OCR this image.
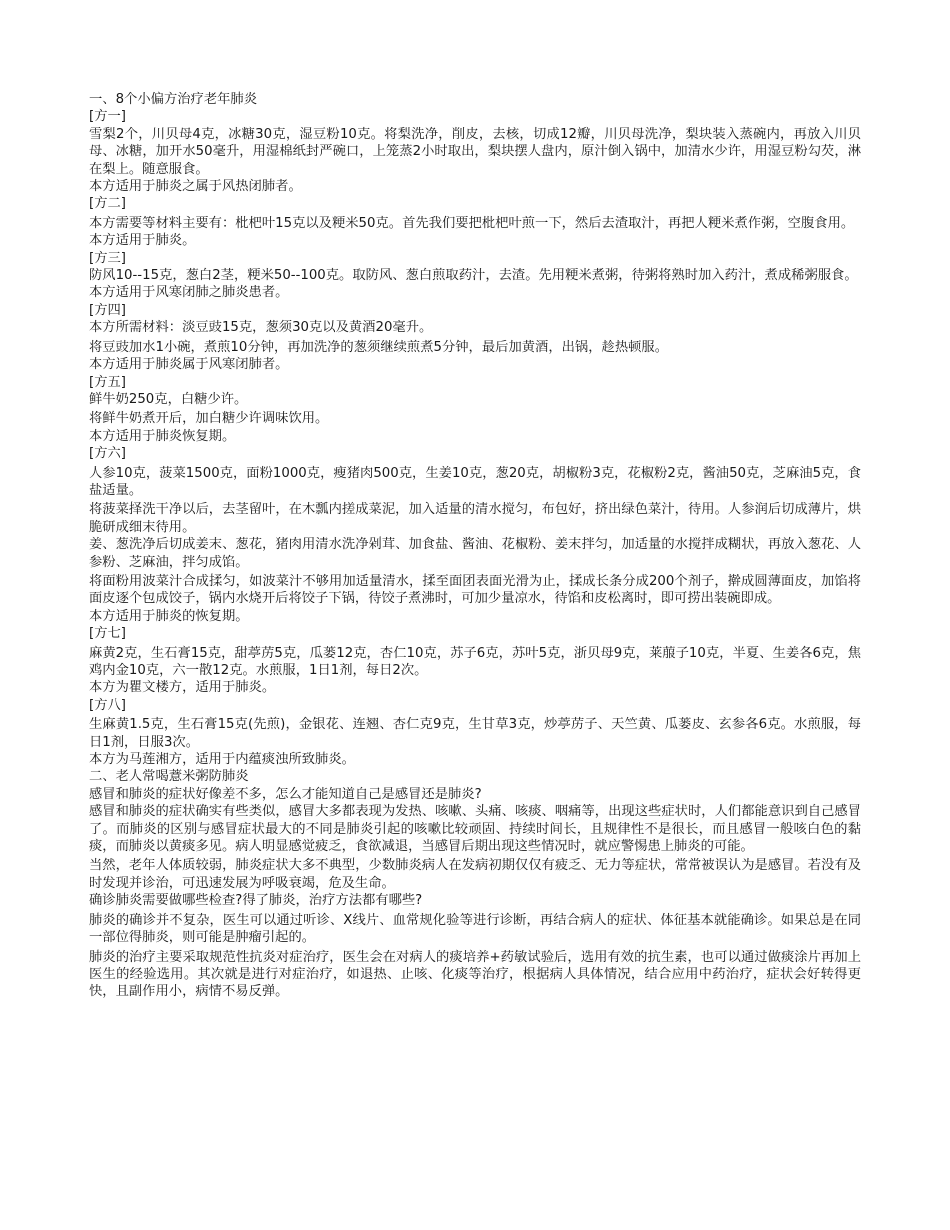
一、8个小偏方治疗老年肺炎

[方一]

雪梨2个，川贝母4克，冰糖30克，湿豆粉10克。将梨洗净，削皮，去核，切成12瓣，川贝母洗净，梨块装入蒸碗内，再放入川贝母、冰糖，加开水50毫升，用湿棉纸封严碗口，上笼蒸2小时取出，梨块摆人盘内，原汁倒入锅中，加清水少许，用湿豆粉勾芡，淋在梨上。随意服食。

本方适用于肺炎之属于风热闭肺者。

[方二]

本方需要等材料主要有：枇杷叶15克以及粳米50克。首先我们要把枇杷叶煎一下，然后去渣取汁，再把人粳米煮作粥，空腹食用。

本方适用于肺炎。

[方三]

防风10--15克，葱白2茎，粳米50--100克。取防风、葱白煎取药汁，去渣。先用粳米煮粥，待粥将熟时加入药汁，煮成稀粥服食。

本方适用于风寒闭肺之肺炎患者。

[方四]

本方所需材料：淡豆豉15克，葱须30克以及黄酒20毫升。

将豆豉加水1小碗，煮煎10分钟，再加洗净的葱须继续煎煮5分钟，最后加黄酒，出锅，趁热顿服。

本方适用于肺炎属于风寒闭肺者。

[方五]

鲜牛奶250克，白糖少许。

将鲜牛奶煮开后，加白糖少许调味饮用。

本方适用于肺炎恢复期。

[方六]

人参10克，菠菜1500克，面粉1000克，瘦猪肉500克，生姜10克，葱20克，胡椒粉3克，花椒粉2克，酱油50克，芝麻油5克，食盐适量。

将菠菜择洗干净以后，去茎留叶，在木瓢内搓成菜泥，加入适量的清水搅匀，布包好，挤出绿色菜汁，待用。人参润后切成薄片，烘脆研成细末待用。

姜、葱洗净后切成姜末、葱花，猪肉用清水洗净剁茸、加食盐、酱油、花椒粉、姜末拌匀，加适量的水搅拌成糊状，再放入葱花、人参粉、芝麻油，拌匀成馅。

将面粉用波菜汁合成揉匀，如波菜汁不够用加适量清水，揉至面团表面光滑为止，揉成长条分成200个剂子，擀成圆薄面皮，加馅将面皮逐个包成饺子，锅内水烧开后将饺子下锅，待饺子煮沸时，可加少量凉水，待馅和皮松离时，即可捞出装碗即成。

本方适用于肺炎的恢复期。

[方七]

麻黄2克，生石膏15克，甜葶苈5克，瓜蒌12克，杏仁10克，苏子6克，苏叶5克，浙贝母9克，莱菔子10克，半夏、生姜各6克，焦鸡内金10克，六一散12克。水煎服，1日1剂，每日2次。

本方为瞿文楼方，适用于肺炎。

[方八]

生麻黄1.5克，生石膏15克(先煎)，金银花、连翘、杏仁克9克，生甘草3克，炒葶苈子、天竺黄、瓜蒌皮、玄参各6克。水煎服，每日1剂，日服3次。

本方为马莲湘方，适用于内蕴痰浊所致肺炎。

二、老人常喝薏米粥防肺炎

感冒和肺炎的症状好像差不多，怎么才能知道自己是感冒还是肺炎?

感冒和肺炎的症状确实有些类似，感冒大多都表现为发热、咳嗽、头痛、咳痰、咽痛等，出现这些症状时，人们都能意识到自己感冒了。而肺炎的区别与感冒症状最大的不同是肺炎引起的咳嗽比较顽固、持续时间长，且规律性不是很长，而且感冒一般咳白色的黏痰，而肺炎以黄痰多见。病人明显感觉疲乏，食欲减退，当感冒后期出现这些情况时，就应警惕患上肺炎的可能。

当然，老年人体质较弱，肺炎症状大多不典型，少数肺炎病人在发病初期仅仅有疲乏、无力等症状，常常被误认为是感冒。若没有及时发现并诊治，可迅速发展为呼吸衰竭，危及生命。

确诊肺炎需要做哪些检查?得了肺炎，治疗方法都有哪些?

肺炎的确诊并不复杂，医生可以通过听诊、X线片、血常规化验等进行诊断，再结合病人的症状、体征基本就能确诊。如果总是在同一部位得肺炎，则可能是肿瘤引起的。

肺炎的治疗主要采取规范性抗炎对症治疗，医生会在对病人的痰培养+药敏试验后，选用有效的抗生素，也可以通过做痰涂片再加上医生的经验选用。其次就是进行对症治疗，如退热、止咳、化痰等治疗，根据病人具体情况，结合应用中药治疗，症状会好转得更快，且副作用小，病情不易反弹。
